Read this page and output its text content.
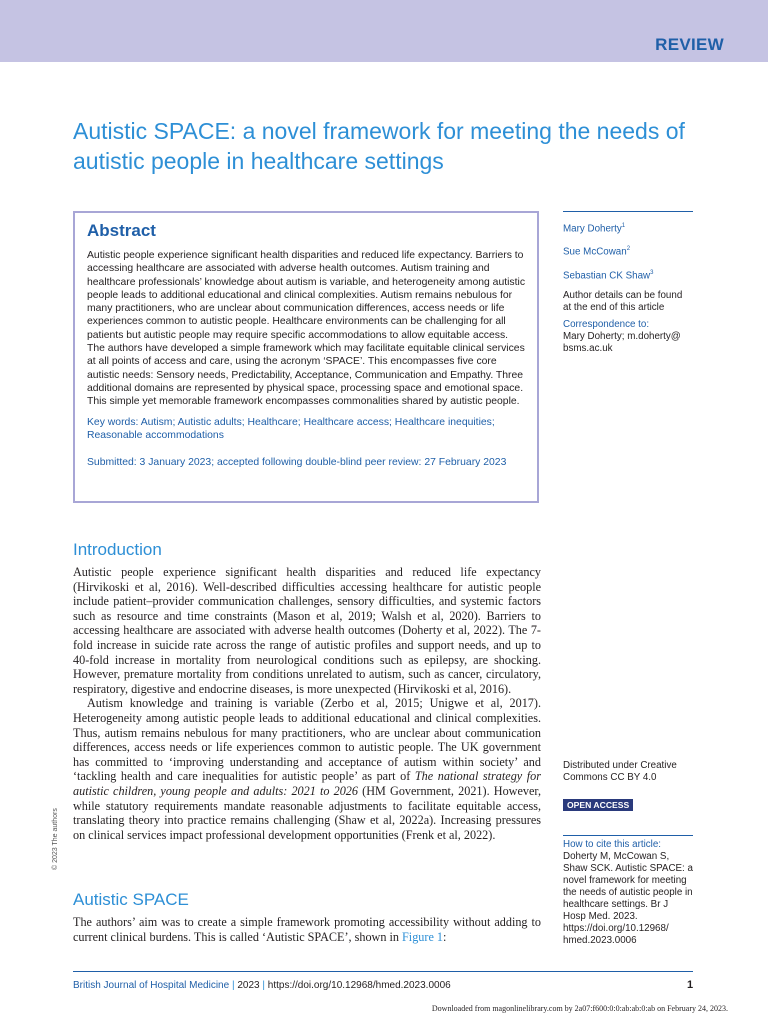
REVIEW
Autistic SPACE: a novel framework for meeting the needs of autistic people in healthcare settings
Abstract

Autistic people experience significant health disparities and reduced life expectancy. Barriers to accessing healthcare are associated with adverse health outcomes. Autism training and healthcare professionals’ knowledge about autism is variable, and heterogeneity among autistic people leads to additional educational and clinical complexities. Autism remains nebulous for many practitioners, who are unclear about communication differences, access needs or life experiences common to autistic people. Healthcare environments can be challenging for all patients but autistic people may require specific accommodations to allow equitable access. The authors have developed a simple framework which may facilitate equitable clinical services at all points of access and care, using the acronym ‘SPACE’. This encompasses five core autistic needs: Sensory needs, Predictability, Acceptance, Communication and Empathy. Three additional domains are represented by physical space, processing space and emotional space. This simple yet memorable framework encompasses commonalities shared by autistic people.

Key words: Autism; Autistic adults; Healthcare; Healthcare access; Healthcare inequities; Reasonable accommodations
Submitted: 3 January 2023; accepted following double-blind peer review: 27 February 2023
Mary Doherty$^1$
Sue McCowan$^2$
Sebastian CK Shaw$^3$
Author details can be found at the end of this article
Correspondence to:
Mary Doherty; m.doherty@ bsms.ac.uk
Introduction

Autistic people experience significant health disparities and reduced life expectancy (Hirvikoski et al, 2016). Well-described difficulties accessing healthcare for autistic people include patient–provider communication challenges, sensory difficulties, and systemic factors such as resource and time constraints (Mason et al, 2019; Walsh et al, 2020). Barriers to accessing healthcare are associated with adverse health outcomes (Doherty et al, 2022). The 7-fold increase in suicide rate across the range of autistic profiles and support needs, and up to 40-fold increase in mortality from neurological conditions such as epilepsy, are shocking. However, premature mortality from conditions unrelated to autism, such as cancer, circulatory, respiratory, digestive and endocrine diseases, is more unexpected (Hirvikoski et al, 2016).

Autism knowledge and training is variable (Zerbo et al, 2015; Unigwe et al, 2017). Heterogeneity among autistic people leads to additional educational and clinical complexities. Thus, autism remains nebulous for many practitioners, who are unclear about communication differences, access needs or life experiences common to autistic people. The UK government has committed to ‘improving understanding and acceptance of autism within society’ and ‘tackling health and care inequalities for autistic people’ as part of The national strategy for autistic children, young people and adults: 2021 to 2026 (HM Government, 2021). However, while statutory requirements mandate reasonable adjustments to facilitate equitable access, translating theory into practice remains challenging (Shaw et al, 2022a). Increasing pressures on clinical services impact professional development opportunities (Frenk et al, 2022).

Autistic SPACE

The authors’ aim was to create a simple framework promoting accessibility without adding to current clinical burdens. This is called ‘Autistic SPACE’, shown in Figure 1:

Distributed under Creative Commons CC BY 4.0
OPEN ACCESS
How to cite this article:
Doherty M, McCowan S, Shaw SCK. Autistic SPACE: a novel framework for meeting the needs of autistic people in healthcare settings. Br J Hosp Med. 2023. https://doi.org/10.12968/ hmed.2023.0006
© 2023 The authors
British Journal of Hospital Medicine | 2023 | https://doi.org/10.129​68/hmed.2023.0006	1
Downloaded from magonlinelibrary.com by 2a07:f600:0:0:ab:ab:0:ab on February 24, 2023.
